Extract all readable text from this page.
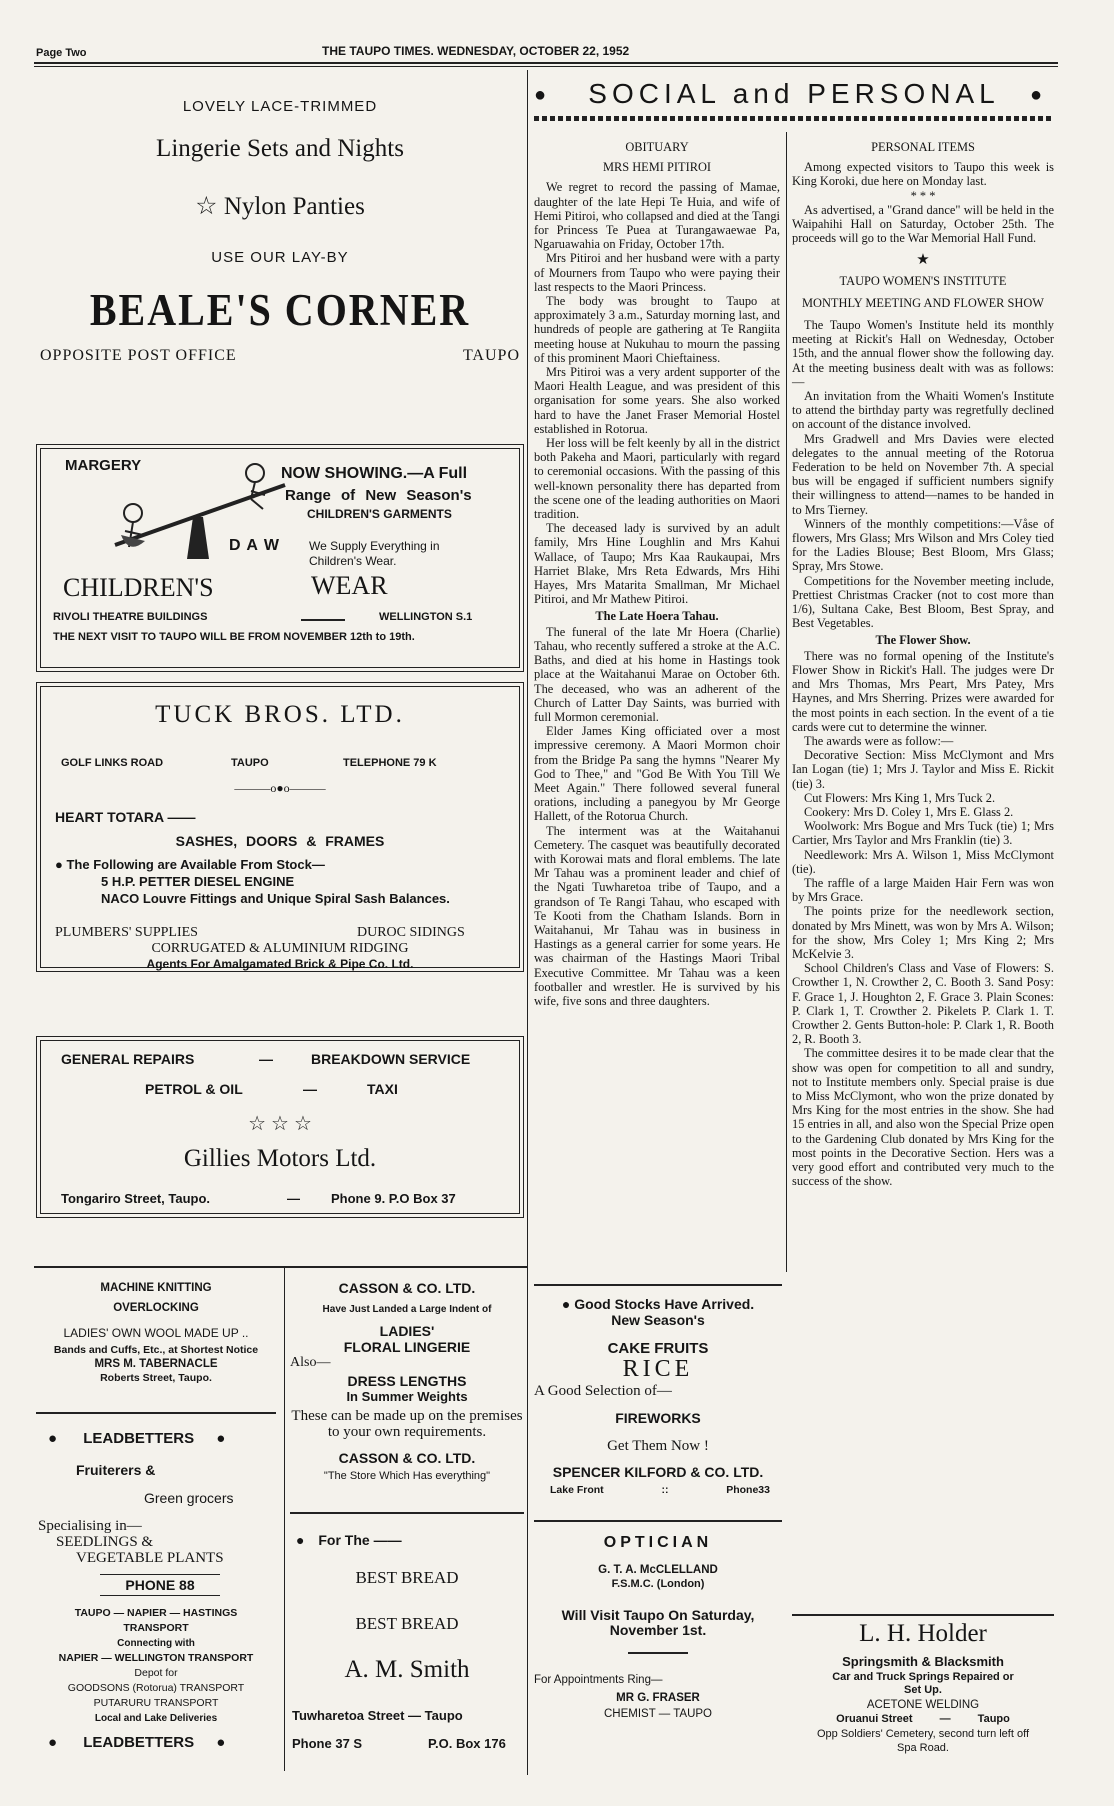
Page Two	THE TAUPO TIMES. WEDNESDAY, OCTOBER 22, 1952
LOVELY LACE-TRIMMED
Lingerie Sets and Nights
☆ Nylon Panties
USE OUR LAY-BY
BEALE'S CORNER
OPPOSITE POST OFFICE	TAUPO
MARGERY	NOW SHOWING.—A Full
Range of New Season's
CHILDREN'S GARMENTS
D A W We Supply Everything in Children's Wear.
CHILDREN'S	WEAR
RIVOLI THEATRE BUILDINGS	WELLINGTON S.1
THE NEXT VISIT TO TAUPO WILL BE FROM NOVEMBER 12th to 19th.
TUCK BROS. LTD.
GOLF LINKS ROAD	TAUPO	TELEPHONE 79 K
———o●o———
HEART TOTARA ——
SASHES, DOORS & FRAMES
● The Following are Available From Stock—
5 H.P. PETTER DIESEL ENGINE
NACO Louvre Fittings and Unique Spiral Sash Balances.
PLUMBERS' SUPPLIES	DUROC SIDINGS
CORRUGATED & ALUMINIUM RIDGING
Agents For Amalgamated Brick & Pipe Co. Ltd.
GENERAL REPAIRS	—	BREAKDOWN SERVICE
PETROL & OIL	—	TAXI
☆ ☆ ☆
Gillies Motors Ltd.
Tongariro Street, Taupo.	— Phone 9. P.O Box 37
MACHINE KNITTING
OVERLOCKING
LADIES' OWN WOOL MADE UP ..
Bands and Cuffs, Etc., at Shortest Notice
MRS M. TABERNACLE
Roberts Street, Taupo.
● LEADBETTERS ●
Fruiterers &
Green grocers
Specialising in—
SEEDLINGS &
VEGETABLE PLANTS
PHONE 88
TAUPO — NAPIER — HASTINGS
TRANSPORT
Connecting with
NAPIER — WELLINGTON TRANSPORT
Depot for
GOODSONS (Rotorua) TRANSPORT
PUTARURU TRANSPORT
Local and Lake Deliveries
● LEADBETTERS ●
CASSON & CO. LTD.
Have Just Landed a Large Indent of
LADIES'
FLORAL LINGERIE
Also—
DRESS LENGTHS
In Summer Weights
These can be made up on the premises to your own requirements.
CASSON & CO. LTD.
"The Store Which Has everything"
● For The ——
BEST BREAD
BEST BREAD
A. M. Smith
Tuwharetoa Street — Taupo
Phone 37 S	P.O. Box 176
●	SOCIAL and PERSONAL	●

OBITUARY

MRS HEMI PITIROI

We regret to record the passing of Mamae, daughter of the late Hepi Te Huia, and wife of Hemi Pitiroi, who collapsed and died at the Tangi for Princess Te Puea at Turangawaewae Pa, Ngaruawahia on Friday, October 17th.

Mrs Pitiroi and her husband were with a party of Mourners from Taupo who were paying their last respects to the Maori Princess.

The body was brought to Taupo at approximately 3 a.m., Saturday morning last, and hundreds of people are gathering at Te Rangiita meeting house at Nukuhau to mourn the passing of this prominent Maori Chieftainess.

Mrs Pitiroi was a very ardent supporter of the Maori Health League, and was president of this organisation for some years. She also worked hard to have the Janet Fraser Memorial Hostel established in Rotorua.

Her loss will be felt keenly by all in the district both Pakeha and Maori, particularly with regard to ceremonial occasions. With the passing of this well-known personality there has departed from the scene one of the leading authorities on Maori tradition.

The deceased lady is survived by an adult family, Mrs Hine Loughlin and Mrs Kahui Wallace, of Taupo; Mrs Kaa Raukaupai, Mrs Harriet Blake, Mrs Reta Edwards, Mrs Hihi Hayes, Mrs Matarita Smallman, Mr Michael Pitiroi, and Mr Mathew Pitiroi.

The Late Hoera Tahau.

The funeral of the late Mr Hoera (Charlie) Tahau, who recently suffered a stroke at the A.C. Baths, and died at his home in Hastings took place at the Waitahanui Marae on October 6th. The deceased, who was an adherent of the Church of Latter Day Saints, was burried with full Mormon ceremonial.

Elder James King officiated over a most impressive ceremony. A Maori Mormon choir from the Bridge Pa sang the hymns "Nearer My God to Thee," and "God Be With You Till We Meet Again." There followed several funeral orations, including a panegyou by Mr George Hallett, of the Rotorua Church.

The interment was at the Waitahanui Cemetery. The casquet was beautifully decorated with Korowai mats and floral emblems. The late Mr Tahau was a prominent leader and chief of the Ngati Tuwharetoa tribe of Taupo, and a grandson of Te Rangi Tahau, who escaped with Te Kooti from the Chatham Islands. Born in Waitahanui, Mr Tahau was in business in Hastings as a general carrier for some years. He was chairman of the Hastings Maori Tribal Executive Committee. Mr Tahau was a keen footballer and wrestler. He is survived by his wife, five sons and three daughters.

PERSONAL ITEMS

Among expected visitors to Taupo this week is King Koroki, due here on Monday last.

* * *

As advertised, a "Grand dance" will be held in the Waipahihi Hall on Saturday, October 25th. The proceeds will go to the War Memorial Hall Fund.

★

TAUPO WOMEN'S INSTITUTE

MONTHLY MEETING AND FLOWER SHOW

The Taupo Women's Institute held its monthly meeting at Rickit's Hall on Wednesday, October 15th, and the annual flower show the following day. At the meeting business dealt with was as follows:—

An invitation from the Whaiti Women's Institute to attend the birthday party was regretfully declined on account of the distance involved.

Mrs Gradwell and Mrs Davies were elected delegates to the annual meeting of the Rotorua Federation to be held on November 7th. A special bus will be engaged if sufficient numbers signify their willingness to attend—names to be handed in to Mrs Tierney.

Winners of the monthly competitions:—Våse of flowers, Mrs Glass; Mrs Wilson and Mrs Coley tied for the Ladies Blouse; Best Bloom, Mrs Glass; Spray, Mrs Stowe.

Competitions for the November meeting include, Prettiest Christmas Cracker (not to cost more than 1/6), Sultana Cake, Best Bloom, Best Spray, and Best Vegetables.

The Flower Show.

There was no formal opening of the Institute's Flower Show in Rickit's Hall. The judges were Dr and Mrs Thomas, Mrs Peart, Mrs Patey, Mrs Haynes, and Mrs Sherring. Prizes were awarded for the most points in each section. In the event of a tie cards were cut to determine the winner.

The awards were as follow:—

Decorative Section: Miss McClymont and Mrs Ian Logan (tie) 1; Mrs J. Taylor and Miss E. Rickit (tie) 3.

Cut Flowers: Mrs King 1, Mrs Tuck 2.

Cookery: Mrs D. Coley 1, Mrs E. Glass 2.

Woolwork: Mrs Bogue and Mrs Tuck (tie) 1; Mrs Cartier, Mrs Taylor and Mrs Franklin (tie) 3.

Needlework: Mrs A. Wilson 1, Miss McClymont (tie).

The raffle of a large Maiden Hair Fern was won by Mrs Grace.

The points prize for the needlework section, donated by Mrs Minett, was won by Mrs A. Wilson; for the show, Mrs Coley 1; Mrs King 2; Mrs McKelvie 3.

School Children's Class and Vase of Flowers: S. Crowther 1, N. Crowther 2, C. Booth 3. Sand Posy: F. Grace 1, J. Houghton 2, F. Grace 3. Plain Scones: P. Clark 1, T. Crowther 2. Pikelets P. Clark 1. T. Crowther 2. Gents Button-hole: P. Clark 1, R. Booth 2, R. Booth 3.

The committee desires it to be made clear that the show was open for competition to all and sundry, not to Institute members only. Special praise is due to Miss McClymont, who won the prize donated by Mrs King for the most entries in the show. She had 15 entries in all, and also won the Special Prize open to the Gardening Club donated by Mrs King for the most points in the Decorative Section. Hers was a very good effort and contributed very much to the success of the show.

● Good Stocks Have Arrived.
New Season's
CAKE FRUITS
RICE
A Good Selection of—
FIREWORKS
Get Them Now !
SPENCER KILFORD & CO. LTD.
Lake Front	::	Phone33
OPTICIAN
G. T. A. McCLELLAND
F.S.M.C. (London)
Will Visit Taupo On Saturday, November 1st.
For Appointments Ring—
MR G. FRASER
CHEMIST — TAUPO
L. H. Holder
Springsmith & Blacksmith
Car and Truck Springs Repaired or Set Up.
ACETONE WELDING
Oruanui Street — Taupo
Opp Soldiers' Cemetery, second turn left off Spa Road.
